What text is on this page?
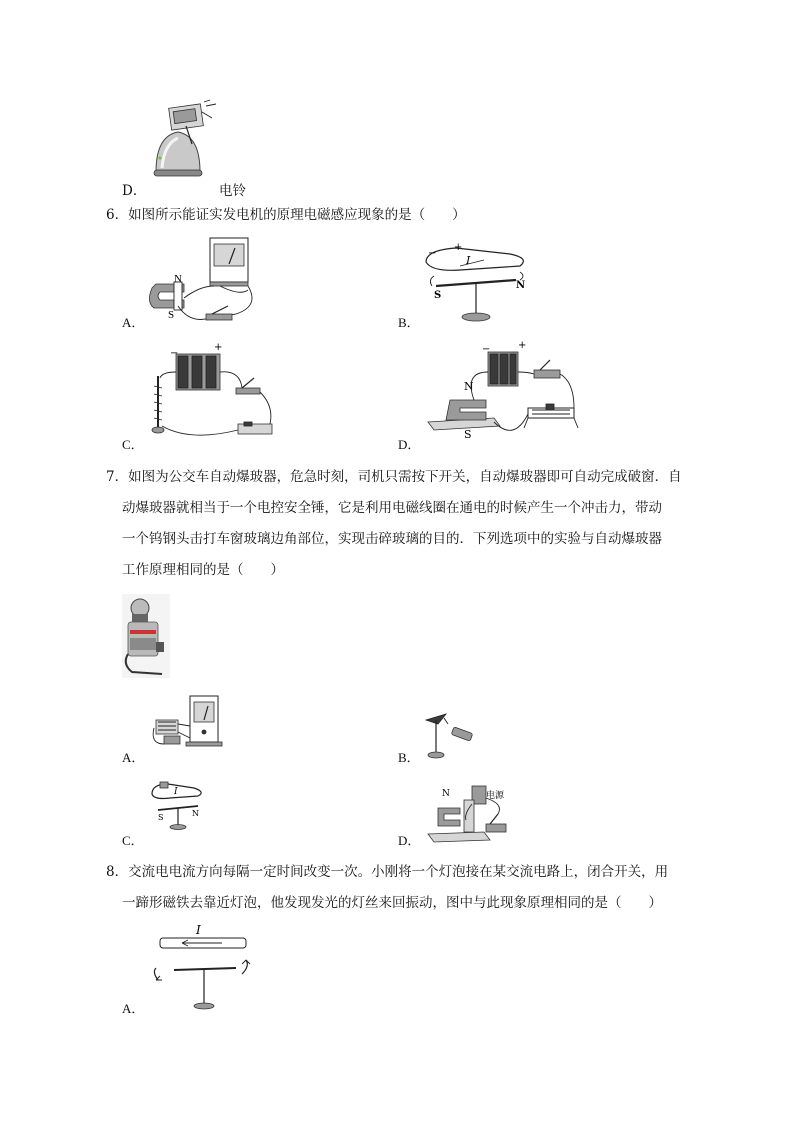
D．	电铃
6．如图所示能证实发电机的原理电磁感应现象的是（　　）
N
S
A．
−
+
I
S
N
B．
−
+
C．
−	+
N
S
D．
7．如图为公交车自动爆玻器，危急时刻，司机只需按下开关，自动爆玻器即可自动完成破窗．自
动爆玻器就相当于一个电控安全锤，它是利用电磁线圈在通电的时候产生一个冲击力，带动
一个钨钢头击打车窗玻璃边角部位，实现击碎玻璃的目的．下列选项中的实验与自动爆玻器
工作原理相同的是（　　）
A．	B．
I
S	N
C．
N	电源
D．
8．交流电电流方向每隔一定时间改变一次。小刚将一个灯泡接在某交流电路上，闭合开关，用
一蹄形磁铁去靠近灯泡，他发现发光的灯丝来回振动，图中与此现象原理相同的是（　　）
I
A．
